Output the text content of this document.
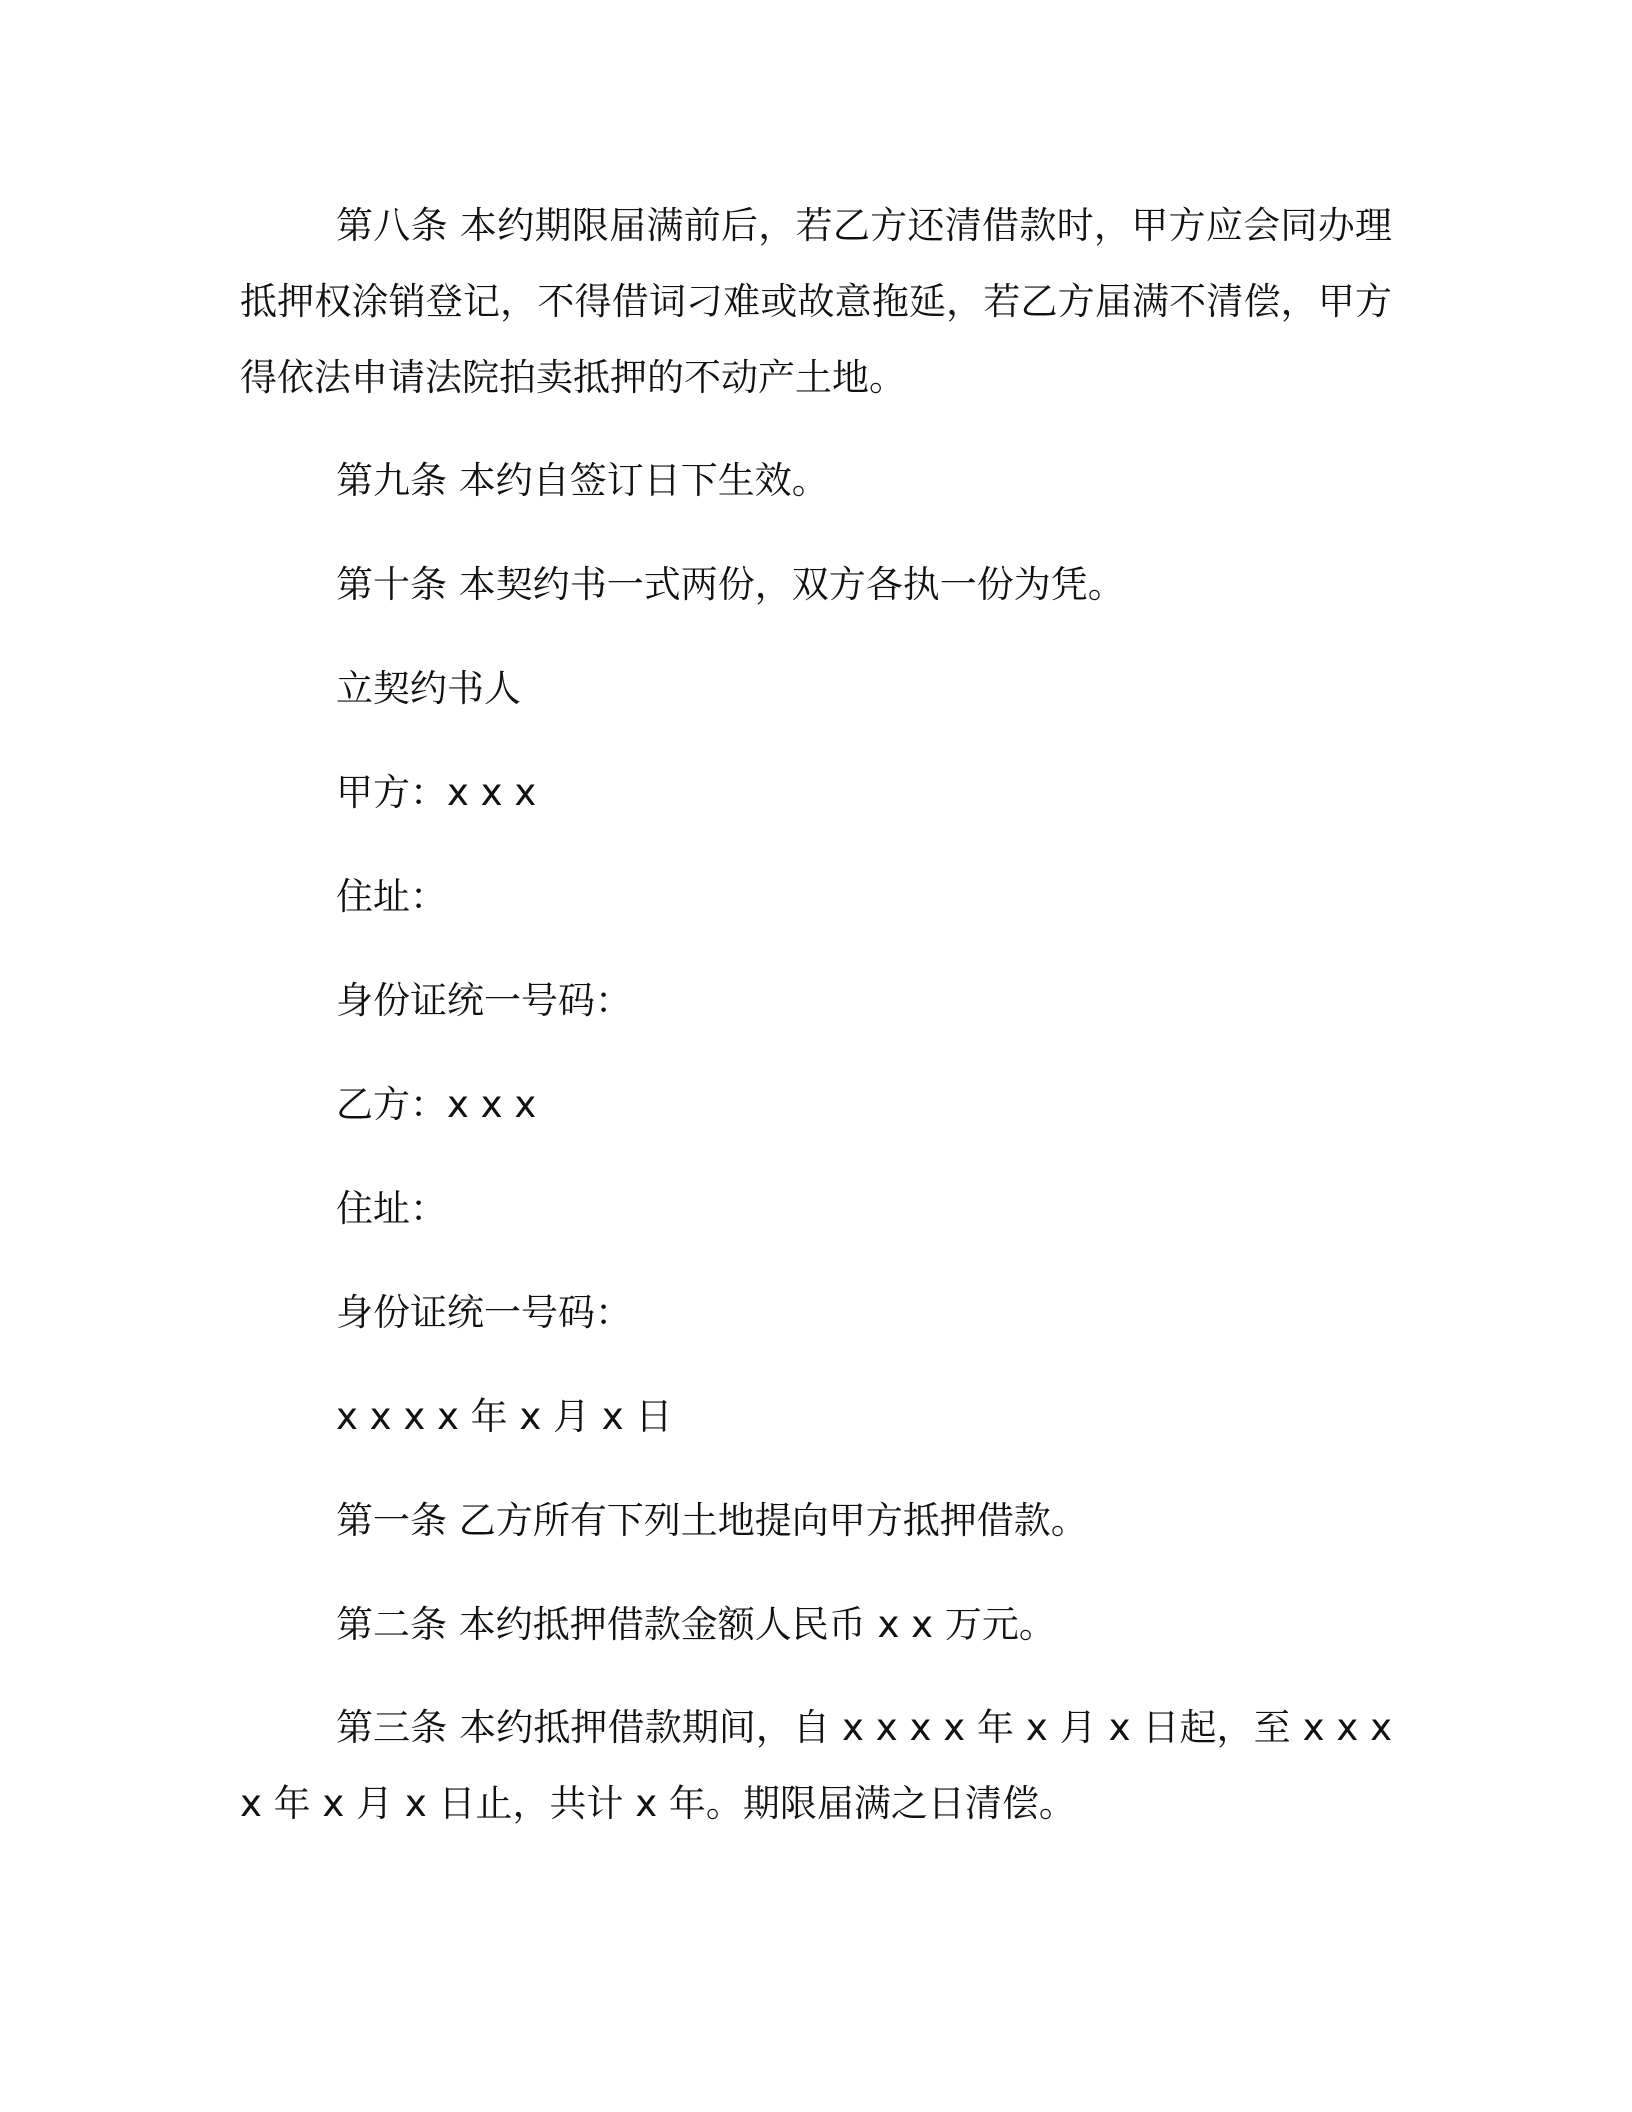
第八条 本约期限届满前后，若乙方还清借款时，甲方应会同办理抵押权涂销登记，不得借词刁难或故意拖延，若乙方届满不清偿，甲方得依法申请法院拍卖抵押的不动产土地。

第九条 本约自签订日下生效。

第十条 本契约书一式两份，双方各执一份为凭。

立契约书人

甲方：x x x

住址：

身份证统一号码：

乙方：x x x

住址：

身份证统一号码：

x x x x 年 x 月 x 日

第一条 乙方所有下列土地提向甲方抵押借款。

第二条 本约抵押借款金额人民币 x x 万元。

第三条 本约抵押借款期间，自 x x x x 年 x 月 x 日起，至 x x x x 年 x 月 x 日止，共计 x 年。期限届满之日清偿。
